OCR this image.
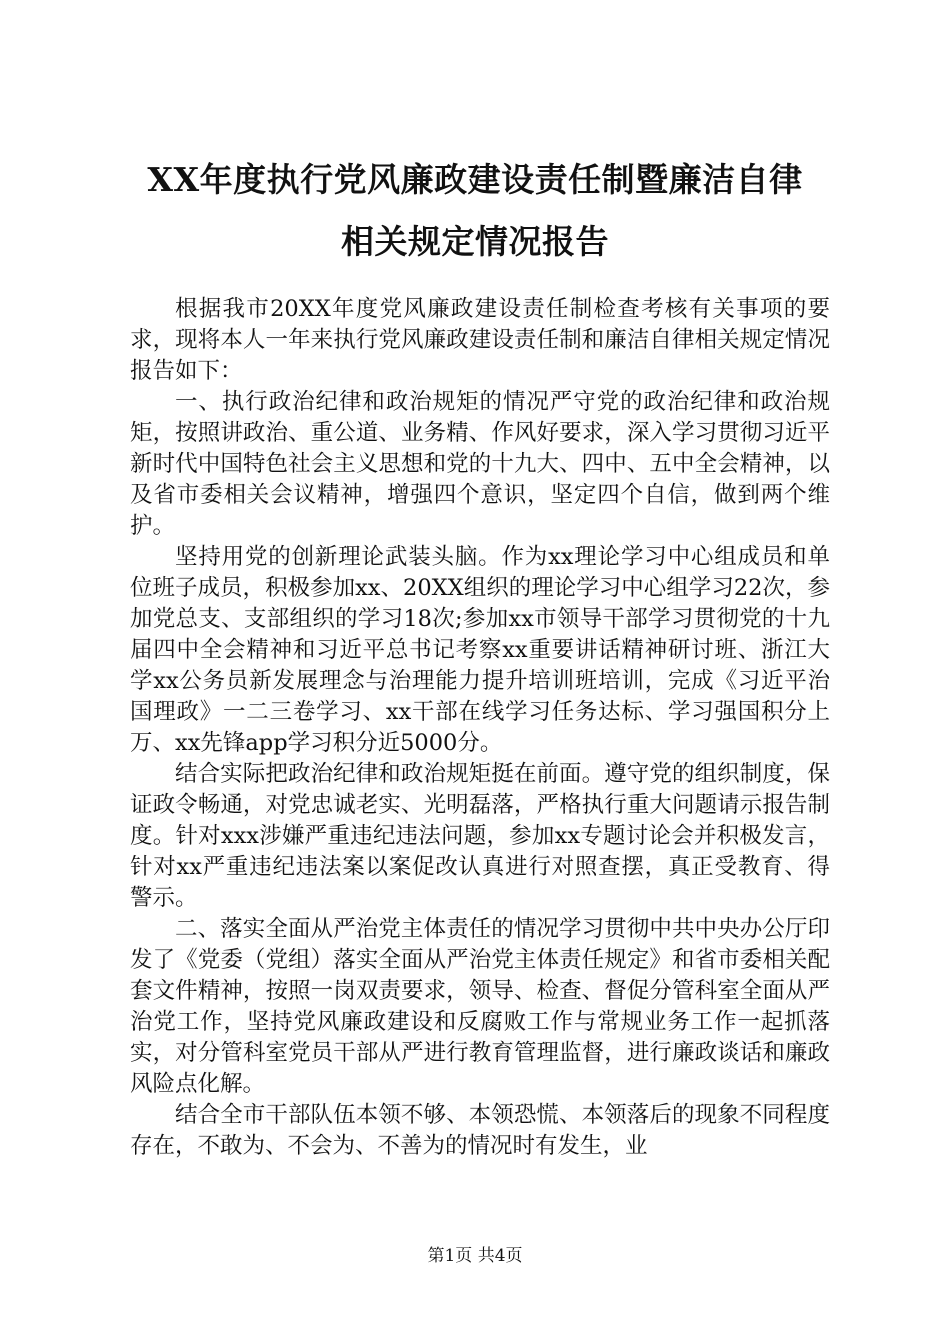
XX年度执行党风廉政建设责任制暨廉洁自律
相关规定情况报告

根据我市20XX年度党风廉政建设责任制检查考核有关事项的要求，现将本人一年来执行党风廉政建设责任制和廉洁自律相关规定情况报告如下：

一、执行政治纪律和政治规矩的情况严守党的政治纪律和政治规矩，按照讲政治、重公道、业务精、作风好要求，深入学习贯彻习近平新时代中国特色社会主义思想和党的十九大、四中、五中全会精神，以及省市委相关会议精神，增强四个意识，坚定四个自信，做到两个维护。

坚持用党的创新理论武装头脑。作为xx理论学习中心组成员和单位班子成员，积极参加xx、20XX组织的理论学习中心组学习22次，参加党总支、支部组织的学习18次;参加xx市领导干部学习贯彻党的十九届四中全会精神和习近平总书记考察xx重要讲话精神研讨班、浙江大学xx公务员新发展理念与治理能力提升培训班培训，完成《习近平治国理政》一二三卷学习、xx干部在线学习任务达标、学习强国积分上万、xx先锋app学习积分近5000分。

结合实际把政治纪律和政治规矩挺在前面。遵守党的组织制度，保证政令畅通，对党忠诚老实、光明磊落，严格执行重大问题请示报告制度。针对xxx涉嫌严重违纪违法问题，参加xx专题讨论会并积极发言，针对xx严重违纪违法案以案促改认真进行对照查摆，真正受教育、得警示。

二、落实全面从严治党主体责任的情况学习贯彻中共中央办公厅印发了《党委（党组）落实全面从严治党主体责任规定》和省市委相关配套文件精神，按照一岗双责要求，领导、检查、督促分管科室全面从严治党工作，坚持党风廉政建设和反腐败工作与常规业务工作一起抓落实，对分管科室党员干部从严进行教育管理监督，进行廉政谈话和廉政风险点化解。

结合全市干部队伍本领不够、本领恐慌、本领落后的现象不同程度存在，不敢为、不会为、不善为的情况时有发生，业

第1页 共4页
